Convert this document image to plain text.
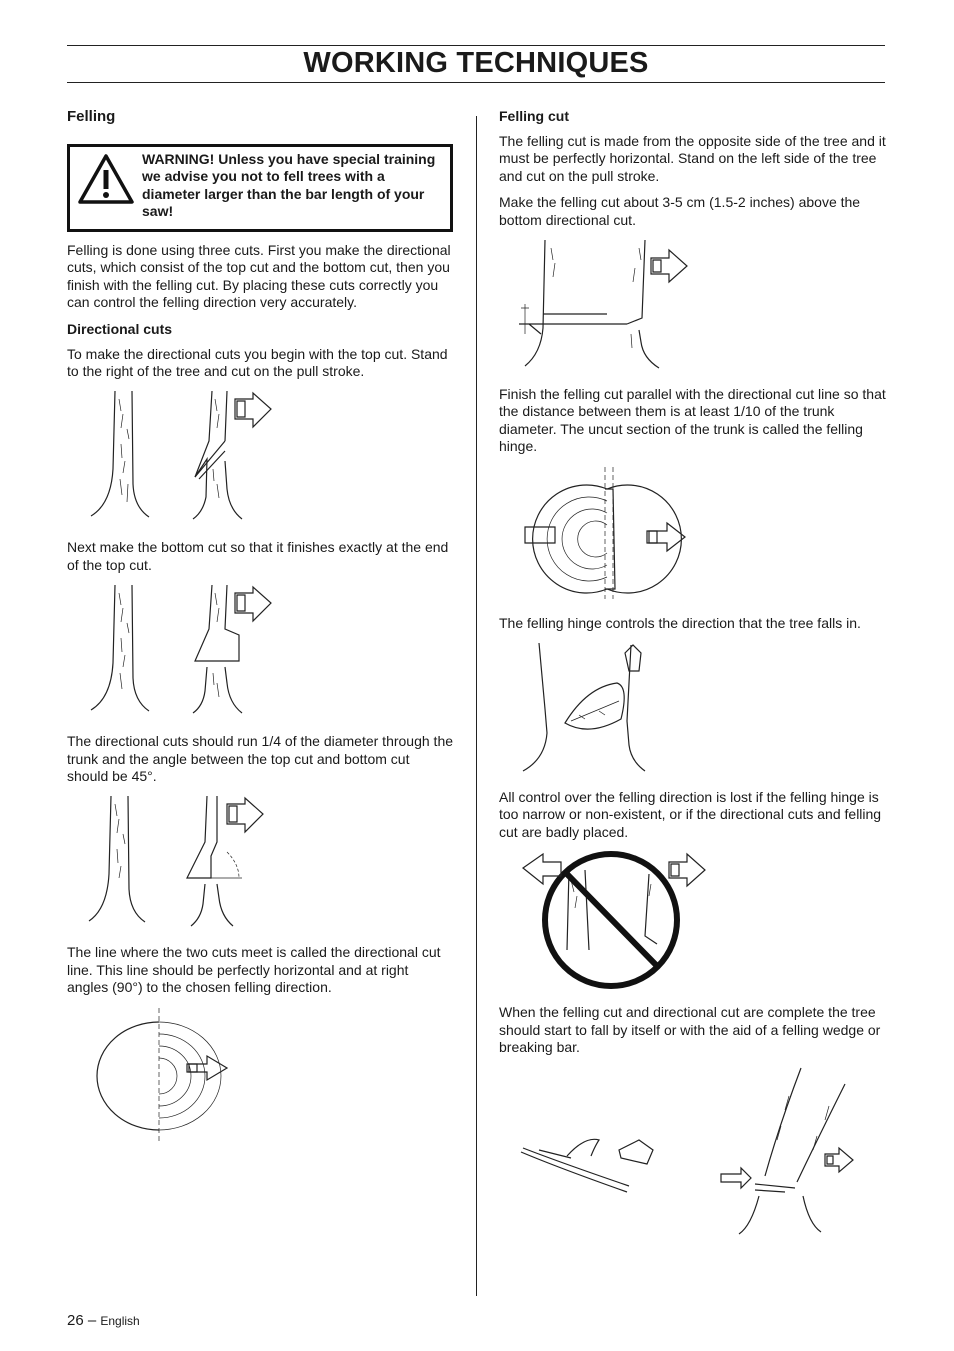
WORKING TECHNIQUES
Felling
WARNING! Unless you have special training we advise you not to fell trees with a diameter larger than the bar length of your saw!

Felling is done using three cuts. First you make the directional cuts, which consist of the top cut and the bottom cut, then you finish with the felling cut. By placing these cuts correctly you can control the felling direction very accurately.

Directional cuts

To make the directional cuts you begin with the top cut. Stand to the right of the tree and cut on the pull stroke.

Next make the bottom cut so that it finishes exactly at the end of the top cut.

The directional cuts should run 1/4 of the diameter through the trunk and the angle between the top cut and bottom cut should be 45°.

The line where the two cuts meet is called the directional cut line. This line should be perfectly horizontal and at right angles (90°) to the chosen felling direction.

Felling cut

The felling cut is made from the opposite side of the tree and it must be perfectly horizontal. Stand on the left side of the tree and cut on the pull stroke.

Make the felling cut about 3-5 cm (1.5-2 inches) above the bottom directional cut.

Finish the felling cut parallel with the directional cut line so that the distance between them is at least 1/10 of the trunk diameter. The uncut section of the trunk is called the felling hinge.

The felling hinge controls the direction that the tree falls in.

All control over the felling direction is lost if the felling hinge is too narrow or non-existent, or if the directional cuts and felling cut are badly placed.

When the felling cut and directional cut are complete the tree should start to fall by itself or with the aid of a felling wedge or breaking bar.

26 – English
